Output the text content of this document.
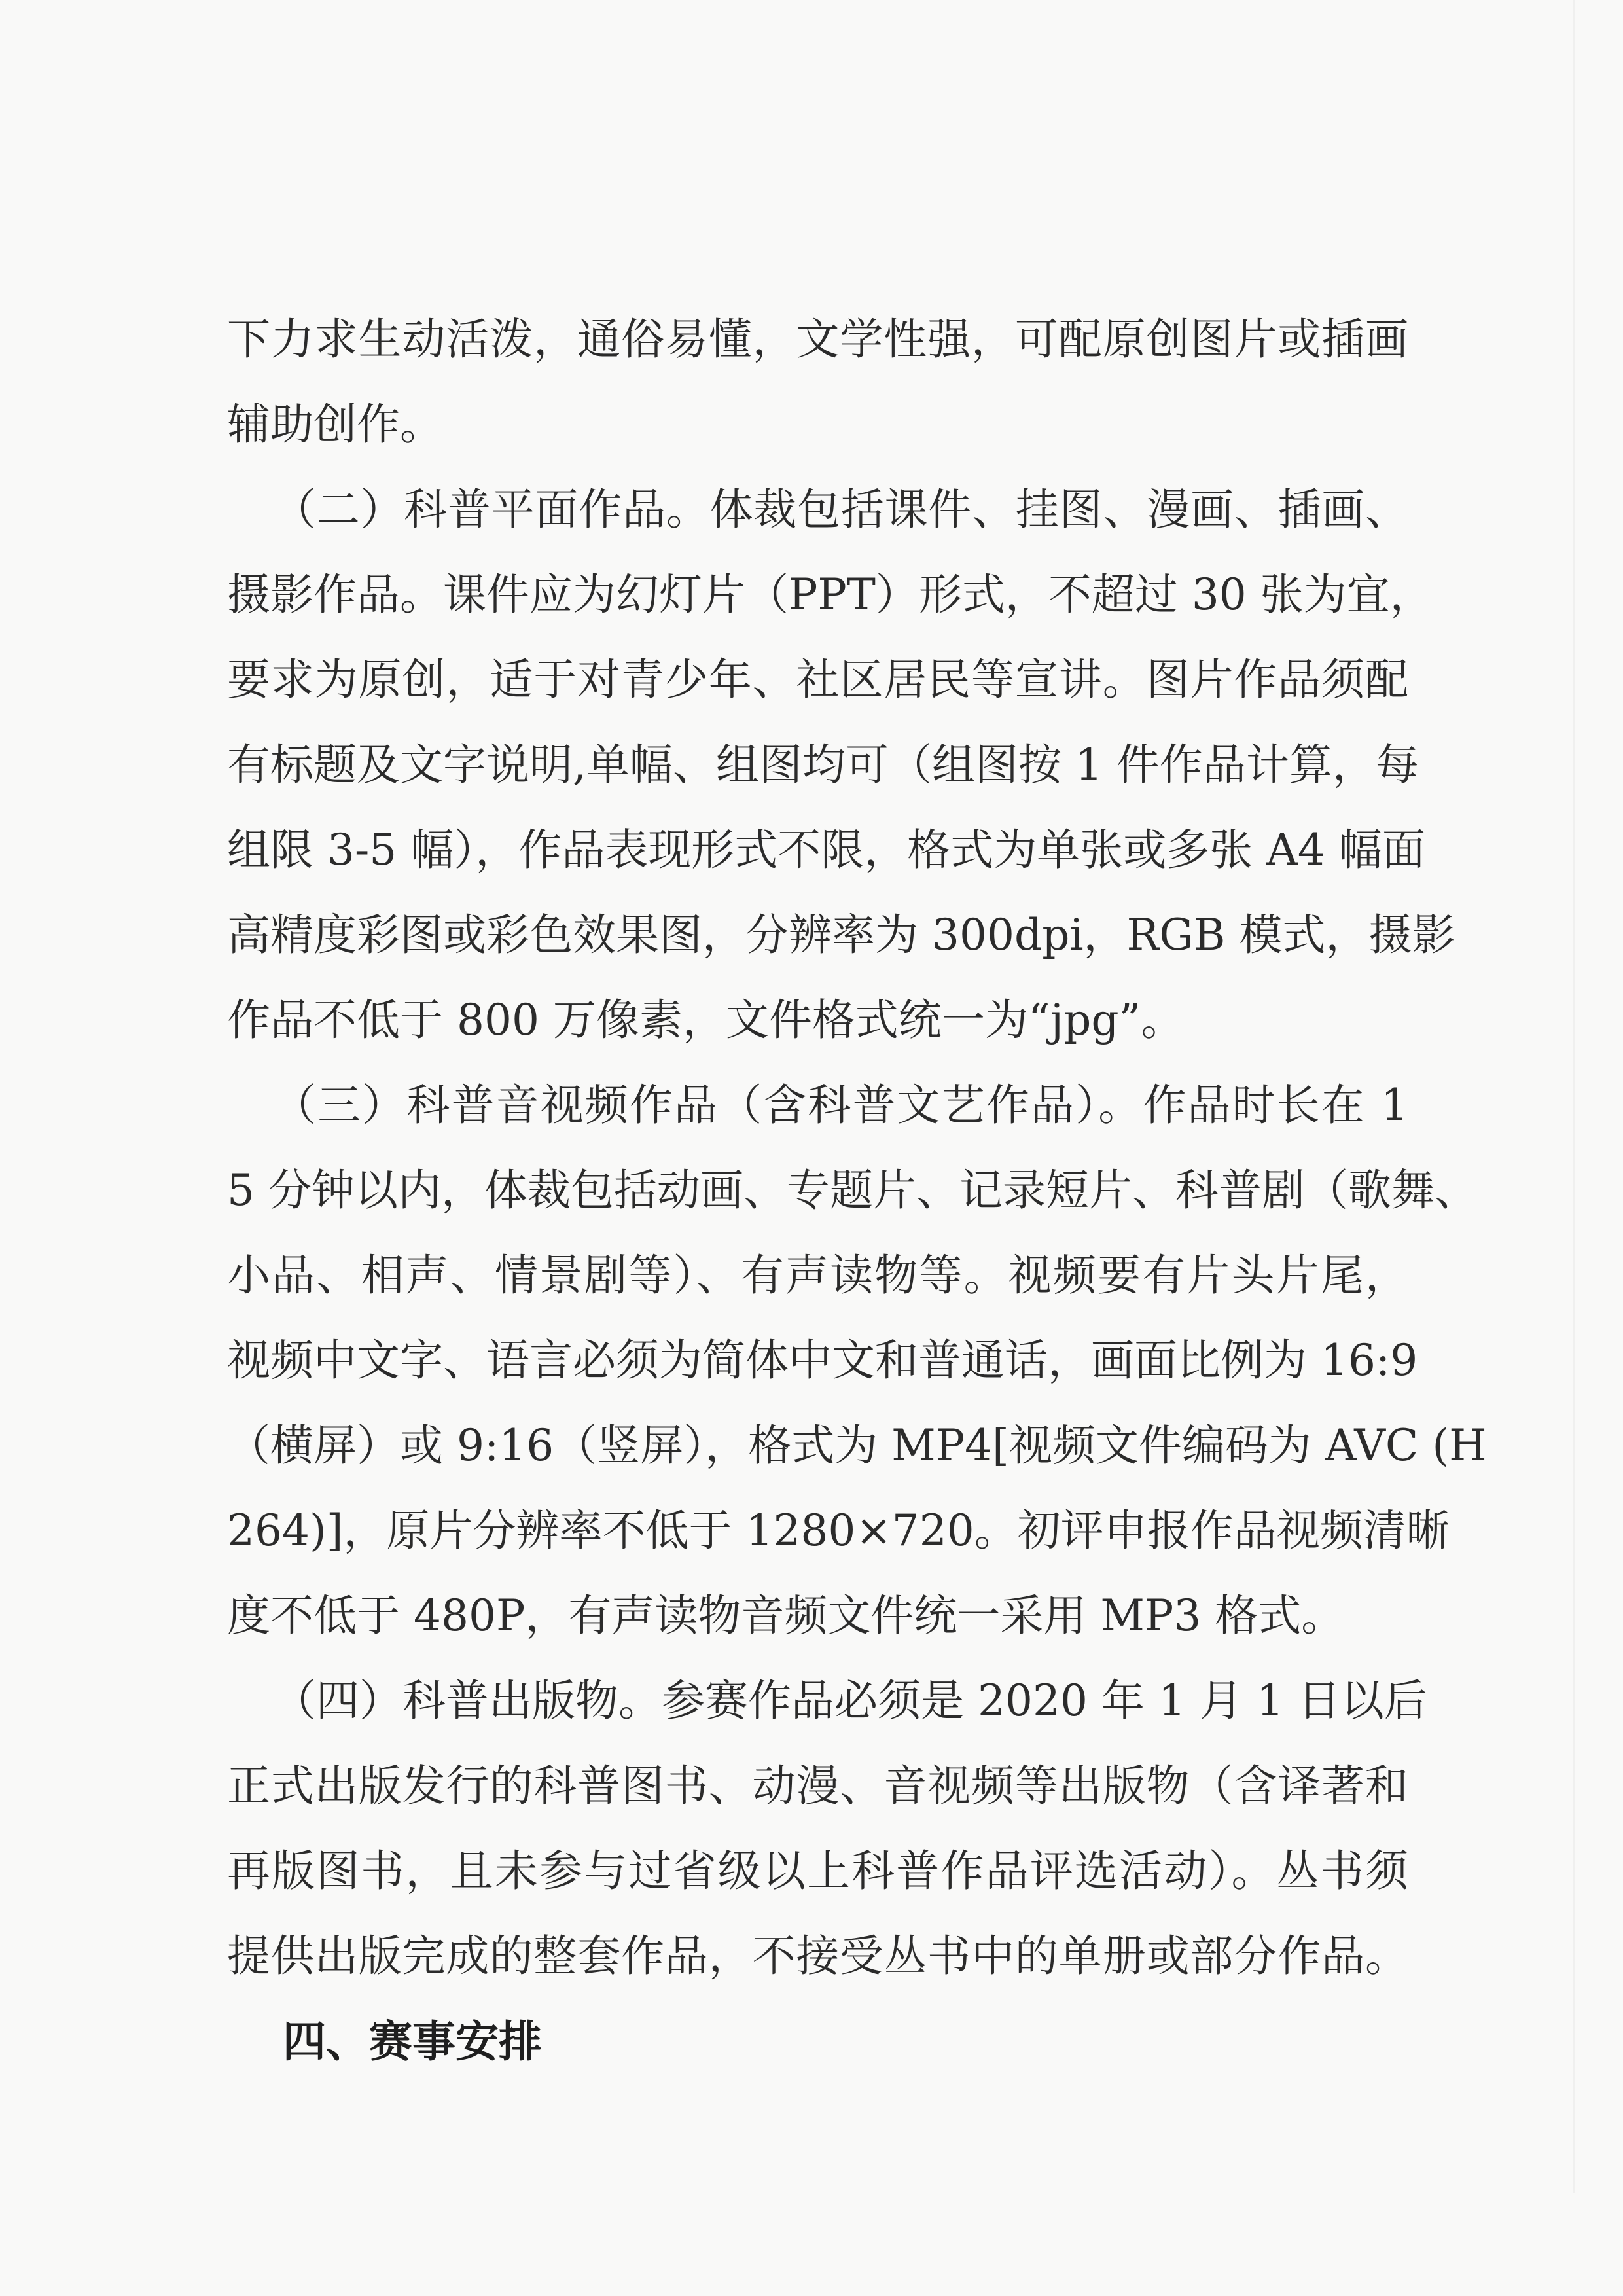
下力求生动活泼，通俗易懂，文学性强，可配原创图片或插画
辅助创作。
（二）科普平面作品。体裁包括课件、挂图、漫画、插画、
摄影作品。课件应为幻灯片（PPT）形式，不超过 30 张为宜，
要求为原创，适于对青少年、社区居民等宣讲。图片作品须配
有标题及文字说明,单幅、组图均可（组图按 1 件作品计算，每
组限 3-5 幅），作品表现形式不限，格式为单张或多张 A4 幅面
高精度彩图或彩色效果图，分辨率为 300dpi，RGB 模式，摄影
作品不低于 800 万像素，文件格式统一为“jpg”。
（三）科普音视频作品（含科普文艺作品）。作品时长在 1
5 分钟以内，体裁包括动画、专题片、记录短片、科普剧（歌舞、
小品、相声、情景剧等）、有声读物等。视频要有片头片尾，
视频中文字、语言必须为简体中文和普通话，画面比例为 16:9
（横屏）或 9:16（竖屏），格式为 MP4[视频文件编码为 AVC (H
264)]，原片分辨率不低于 1280×720。初评申报作品视频清晰
度不低于 480P，有声读物音频文件统一采用 MP3 格式。
（四）科普出版物。参赛作品必须是 2020 年 1 月 1 日以后
正式出版发行的科普图书、动漫、音视频等出版物（含译著和
再版图书，且未参与过省级以上科普作品评选活动）。丛书须
提供出版完成的整套作品，不接受丛书中的单册或部分作品。
四、赛事安排
